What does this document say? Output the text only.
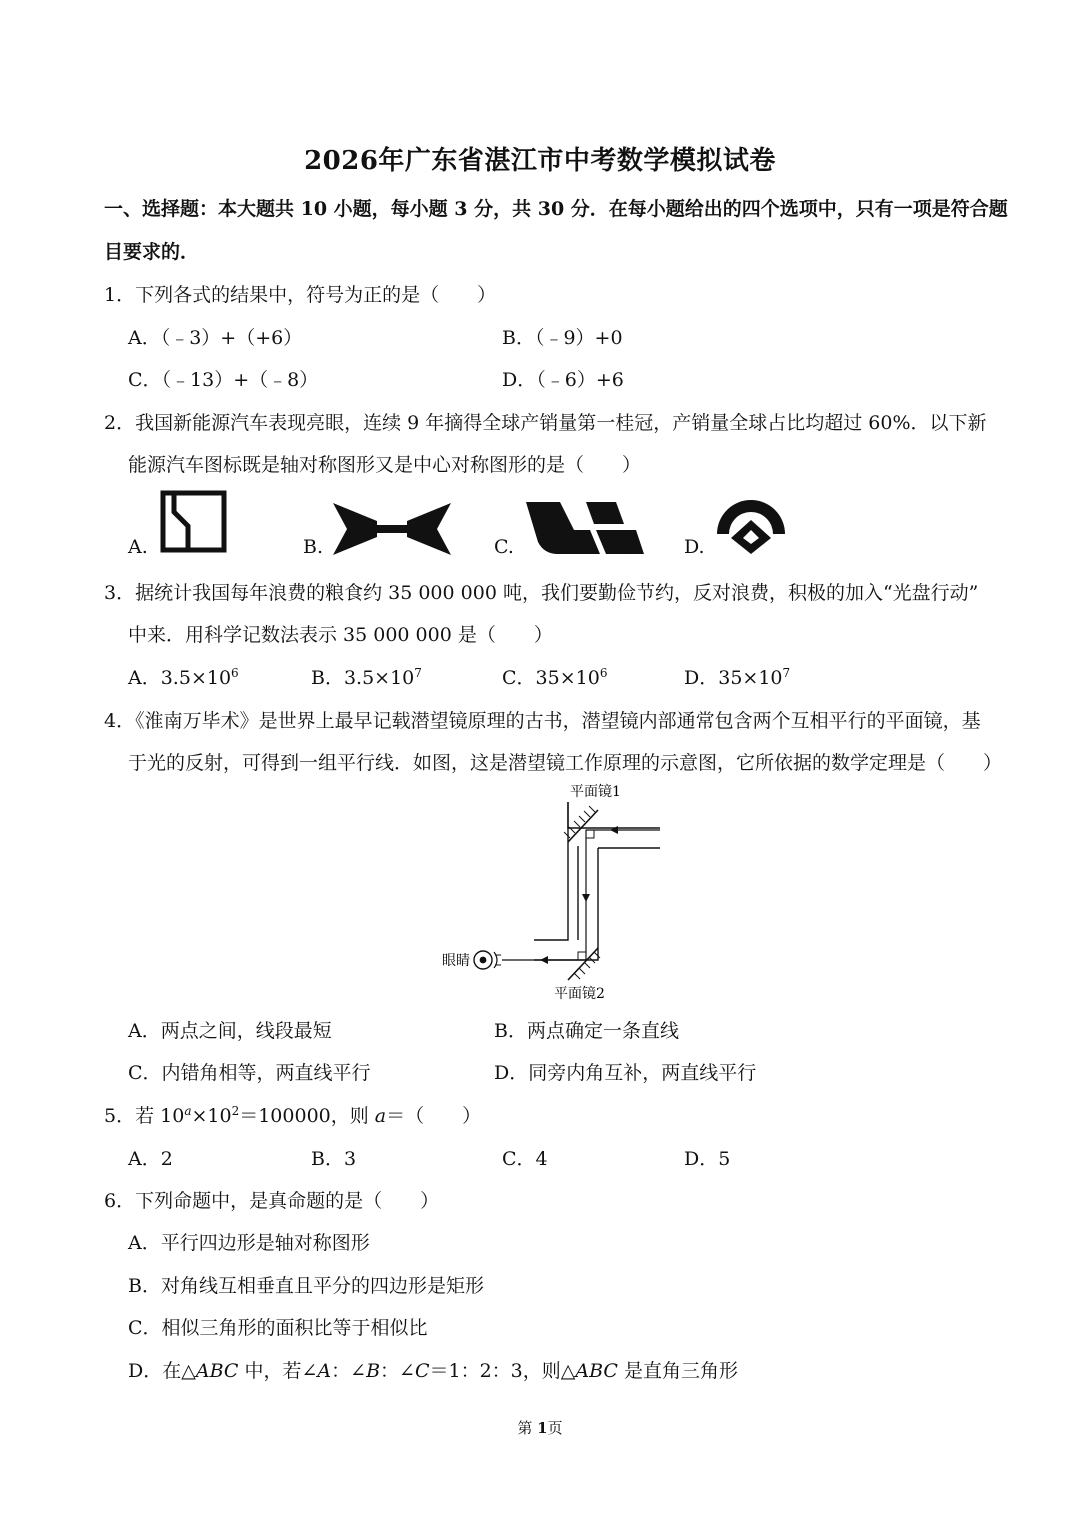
2026年广东省湛江市中考数学模拟试卷
一、选择题：本大题共 10 小题，每小题 3 分，共 30 分．在每小题给出的四个选项中，只有一项是符合题
目要求的．
1．下列各式的结果中，符号为正的是（　　）
A．（﹣3）+（+6）	B．（﹣9）+0
C．（﹣13）+（﹣8）	D．（﹣6）+6
2．我国新能源汽车表现亮眼，连续 9 年摘得全球产销量第一桂冠，产销量全球占比均超过 60%．以下新
能源汽车图标既是轴对称图形又是中心对称图形的是（　　）
A.	B.	C.	D.
3．据统计我国每年浪费的粮食约 35 000 000 吨，我们要勤俭节约，反对浪费，积极的加入“光盘行动”
中来．用科学记数法表示 35 000 000 是（　　）
A．$3.5\times 10^6$	B．$3.5\times 10^7$	C．$35\times 10^6$	D．$35\times 10^7$
4．《淮南万毕术》是世界上最早记载潜望镜原理的古书，潜望镜内部通常包含两个互相平行的平面镜，基
于光的反射，可得到一组平行线．如图，这是潜望镜工作原理的示意图，它所依据的数学定理是（　　）
平面镜1
平面镜2
眼睛
A．两点之间，线段最短	B．两点确定一条直线
C．内错角相等，两直线平行	D．同旁内角互补，两直线平行
5．若 $10^a\times 10^2=100000$，则 a＝（　　）
A．2	B．3	C．4	D．5
6．下列命题中，是真命题的是（　　）
A．平行四边形是轴对称图形
B．对角线互相垂直且平分的四边形是矩形
C．相似三角形的面积比等于相似比
D．在△ABC 中，若∠A：∠B：∠C＝1：2：3，则△ABC 是直角三角形
第 1页
